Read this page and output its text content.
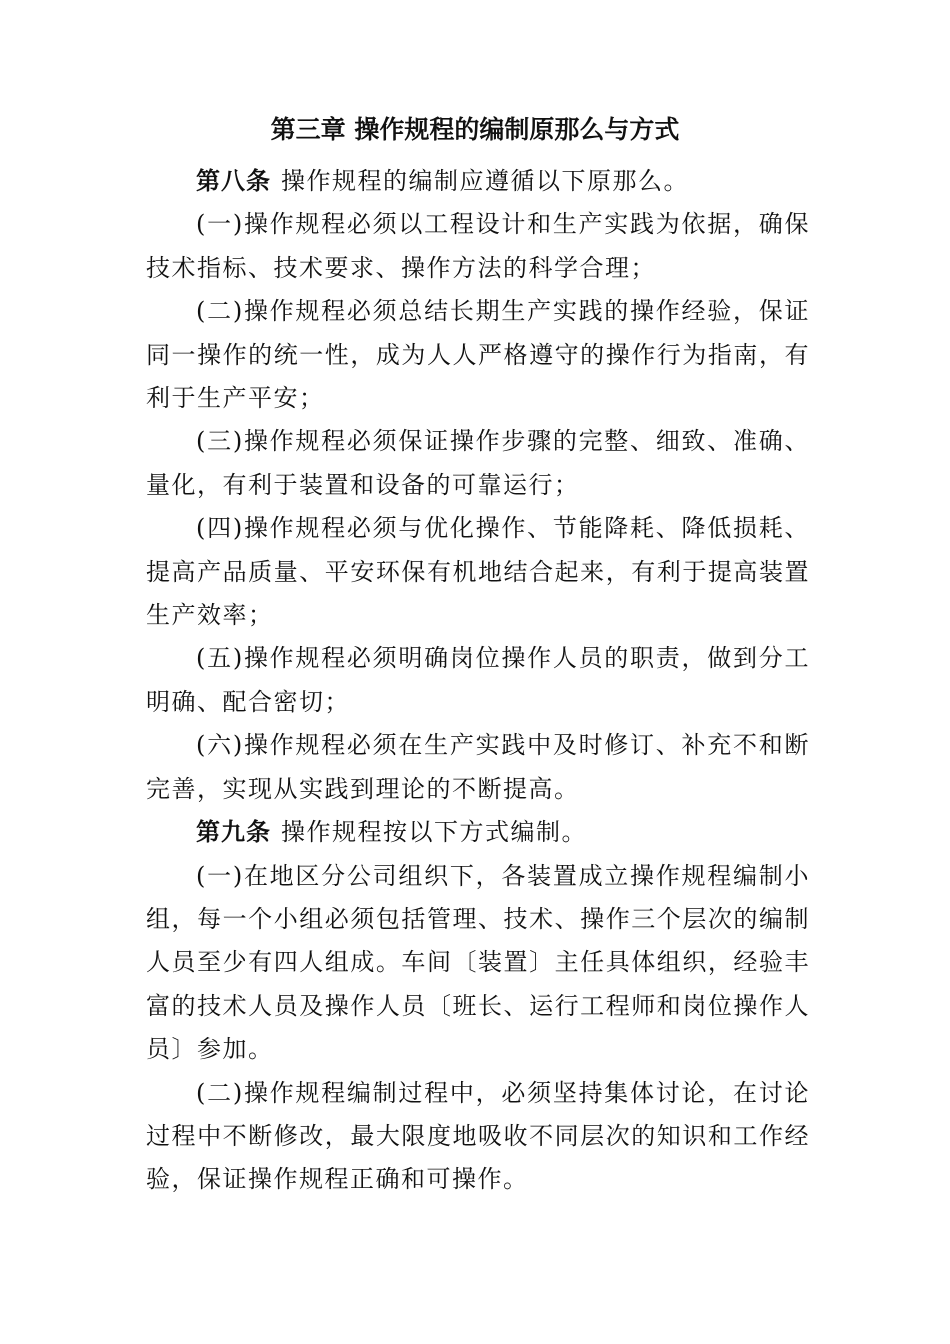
第三章 操作规程的编制原那么与方式

第八条 操作规程的编制应遵循以下原那么。

(一)操作规程必须以工程设计和生产实践为依据，确保技术指标、技术要求、操作方法的科学合理；

(二)操作规程必须总结长期生产实践的操作经验，保证同一操作的统一性，成为人人严格遵守的操作行为指南，有利于生产平安；

(三)操作规程必须保证操作步骤的完整、细致、准确、量化，有利于装置和设备的可靠运行；

(四)操作规程必须与优化操作、节能降耗、降低损耗、提高产品质量、平安环保有机地结合起来，有利于提高装置生产效率；

(五)操作规程必须明确岗位操作人员的职责，做到分工明确、配合密切；

(六)操作规程必须在生产实践中及时修订、补充不和断完善，实现从实践到理论的不断提高。

第九条 操作规程按以下方式编制。

(一)在地区分公司组织下，各装置成立操作规程编制小组，每一个小组必须包括管理、技术、操作三个层次的编制人员至少有四人组成。车间〔装置〕主任具体组织，经验丰富的技术人员及操作人员〔班长、运行工程师和岗位操作人员〕参加。

(二)操作规程编制过程中，必须坚持集体讨论，在讨论过程中不断修改，最大限度地吸收不同层次的知识和工作经验，保证操作规程正确和可操作。
